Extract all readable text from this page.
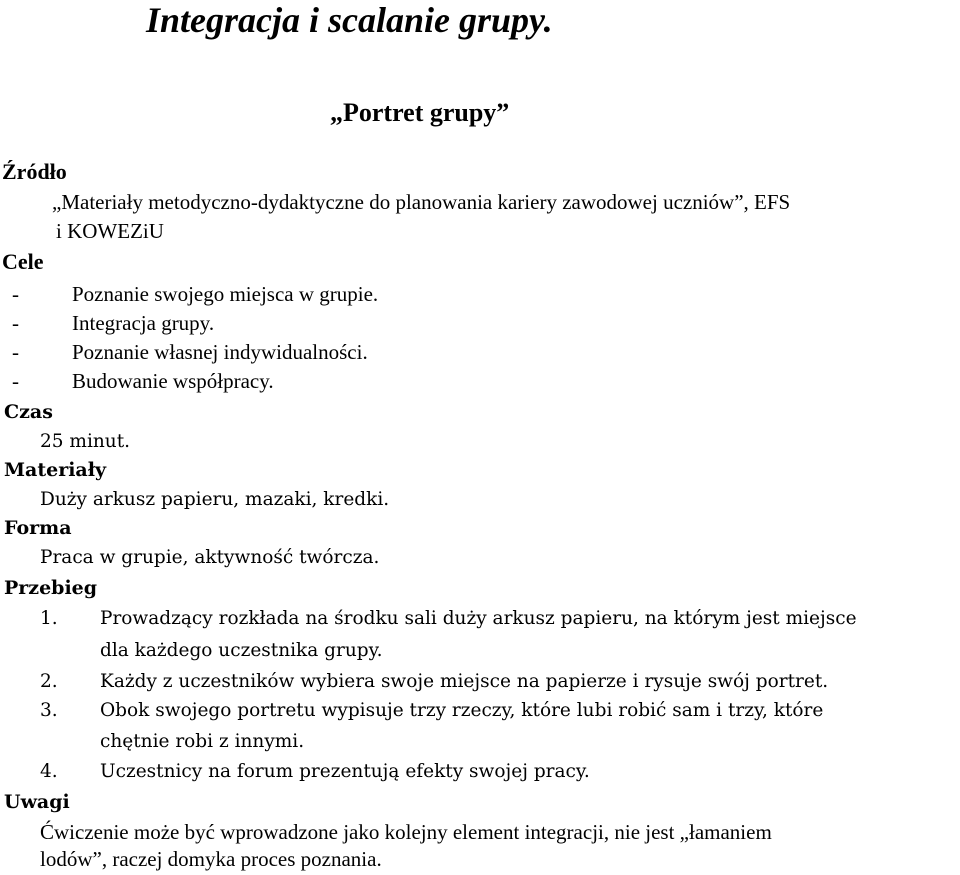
Integracja i scalanie grupy.
„Portret grupy”
Źródło
„Materiały metodyczno-dydaktyczne do planowania kariery zawodowej uczniów”, EFS
i KOWEZiU
Cele
-	Poznanie swojego miejsca w grupie.
-	Integracja grupy.
-	Poznanie własnej indywidualności.
-	Budowanie współpracy.
Czas
25 minut.
Materiały
Duży arkusz papieru, mazaki, kredki.
Forma
Praca w grupie, aktywność twórcza.
Przebieg
1. Prowadzący rozkłada na środku sali duży arkusz papieru, na którym jest miejsce
dla każdego uczestnika grupy.
2. Każdy z uczestników wybiera swoje miejsce na papierze i rysuje swój portret.
3. Obok swojego portretu wypisuje trzy rzeczy, które lubi robić sam i trzy, które
chętnie robi z innymi.
4. Uczestnicy na forum prezentują efekty swojej pracy.
Uwagi
Ćwiczenie może być wprowadzone jako kolejny element integracji, nie jest „łamaniem
lodów”, raczej domyka proces poznania.
